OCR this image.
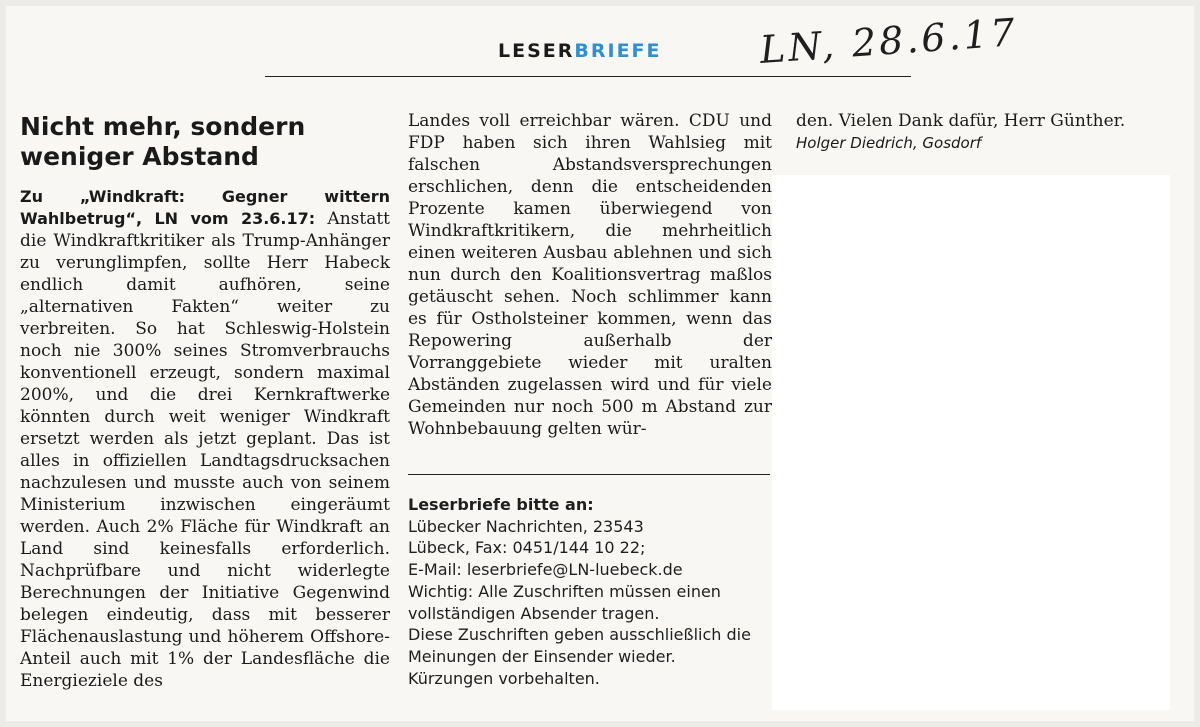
LESERBRIEFE	LN, 28.6.17
Nicht mehr, sondern weniger Abstand
Zu „Windkraft: Gegner wittern Wahlbetrug“, LN vom 23.6.17: Anstatt die Windkraftkritiker als Trump-Anhänger zu verunglimpfen, sollte Herr Habeck endlich damit aufhören, seine „alternativen Fakten“ weiter zu verbreiten. So hat Schleswig-Holstein noch nie 300% seines Stromverbrauchs konventionell erzeugt, sondern maximal 200%, und die drei Kernkraftwerke könnten durch weit weniger Windkraft ersetzt werden als jetzt geplant. Das ist alles in offiziellen Landtagsdrucksachen nachzulesen und musste auch von seinem Ministerium inzwischen eingeräumt werden. Auch 2% Fläche für Windkraft an Land sind keinesfalls erforderlich. Nachprüfbare und nicht widerlegte Berechnungen der Initiative Gegenwind belegen eindeutig, dass mit besserer Flächenauslastung und höherem Offshore-Anteil auch mit 1% der Landesfläche die Energieziele des
Landes voll erreichbar wären. CDU und FDP haben sich ihren Wahlsieg mit falschen Abstandsversprechungen erschlichen, denn die entscheidenden Prozente kamen überwiegend von Windkraftkritikern, die mehrheitlich einen weiteren Ausbau ablehnen und sich nun durch den Koalitionsvertrag maßlos getäuscht sehen. Noch schlimmer kann es für Ostholsteiner kommen, wenn das Repowering außerhalb der Vorranggebiete wieder mit uralten Abständen zugelassen wird und für viele Gemeinden nur noch 500 m Abstand zur Wohnbebauung gelten wür-
Leserbriefe bitte an:
Lübecker Nachrichten, 23543
Lübeck, Fax: 0451/144 10 22;
E-Mail: leserbriefe@LN-luebeck.de
Wichtig: Alle Zuschriften müssen einen
vollständigen Absender tragen.
Diese Zuschriften geben ausschließlich die
Meinungen der Einsender wieder.
Kürzungen vorbehalten.
den. Vielen Dank dafür, Herr Günther.
Holger Diedrich, Gosdorf
